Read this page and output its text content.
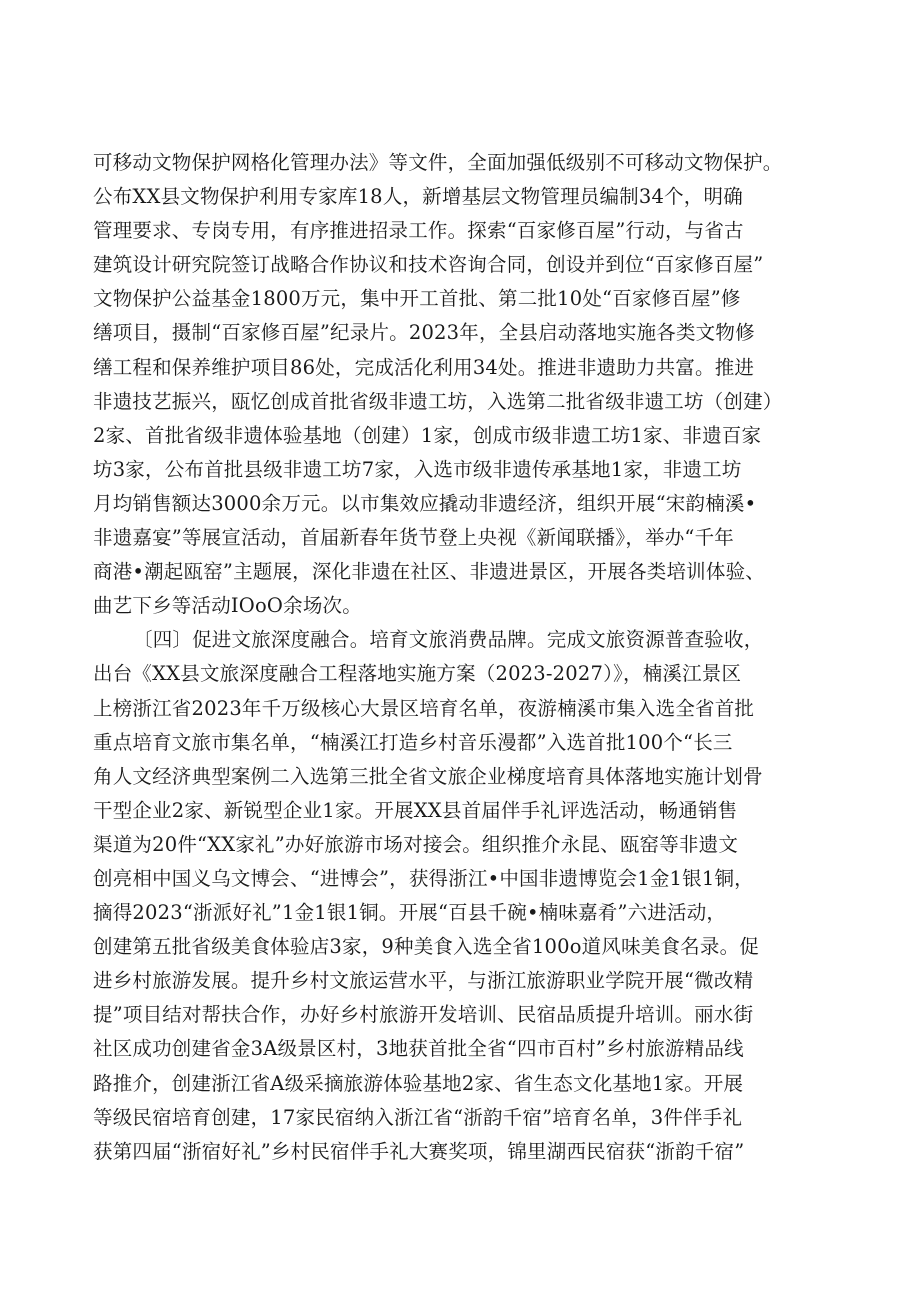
可移动文物保护网格化管理办法》等文件，全面加强低级别不可移动文物保护。
公布XX县文物保护利用专家库18人，新增基层文物管理员编制34个，明确
管理要求、专岗专用，有序推进招录工作。探索“百家修百屋”行动，与省古
建筑设计研究院签订战略合作协议和技术咨询合同，创设并到位“百家修百屋”
文物保护公益基金1800万元，集中开工首批、第二批10处“百家修百屋”修
缮项目，摄制“百家修百屋”纪录片。2023年，全县启动落地实施各类文物修
缮工程和保养维护项目86处，完成活化利用34处。推进非遗助力共富。推进
非遗技艺振兴，瓯忆创成首批省级非遗工坊，入选第二批省级非遗工坊（创建）
2家、首批省级非遗体验基地（创建）1家，创成市级非遗工坊1家、非遗百家
坊3家，公布首批县级非遗工坊7家，入选市级非遗传承基地1家，非遗工坊
月均销售额达3000余万元。以市集效应撬动非遗经济，组织开展“宋韵楠溪•
非遗嘉宴”等展宣活动，首届新春年货节登上央视《新闻联播》，举办“千年
商港•潮起瓯窑”主题展，深化非遗在社区、非遗进景区，开展各类培训体验、
曲艺下乡等活动IOoO余场次。
〔四〕促进文旅深度融合。培育文旅消费品牌。完成文旅资源普查验收，
出台《XX县文旅深度融合工程落地实施方案（2023-2027）》，楠溪江景区
上榜浙江省2023年千万级核心大景区培育名单，夜游楠溪市集入选全省首批
重点培育文旅市集名单，“楠溪江打造乡村音乐漫都”入选首批100个“长三
角人文经济典型案例二入选第三批全省文旅企业梯度培育具体落地实施计划骨
干型企业2家、新锐型企业1家。开展XX县首届伴手礼评选活动，畅通销售
渠道为20件“XX家礼”办好旅游市场对接会。组织推介永昆、瓯窑等非遗文
创亮相中国义乌文博会、“进博会”，获得浙江•中国非遗博览会1金1银1铜，
摘得2023“浙派好礼”1金1银1铜。开展“百县千碗•楠味嘉肴”六进活动，
创建第五批省级美食体验店3家，9种美食入选全省100o道风味美食名录。促
进乡村旅游发展。提升乡村文旅运营水平，与浙江旅游职业学院开展“微改精
提”项目结对帮扶合作，办好乡村旅游开发培训、民宿品质提升培训。丽水街
社区成功创建省金3A级景区村，3地获首批全省“四市百村”乡村旅游精品线
路推介，创建浙江省A级采摘旅游体验基地2家、省生态文化基地1家。开展
等级民宿培育创建，17家民宿纳入浙江省“浙韵千宿”培育名单，3件伴手礼
获第四届“浙宿好礼”乡村民宿伴手礼大赛奖项，锦里湖西民宿获“浙韵千宿”
